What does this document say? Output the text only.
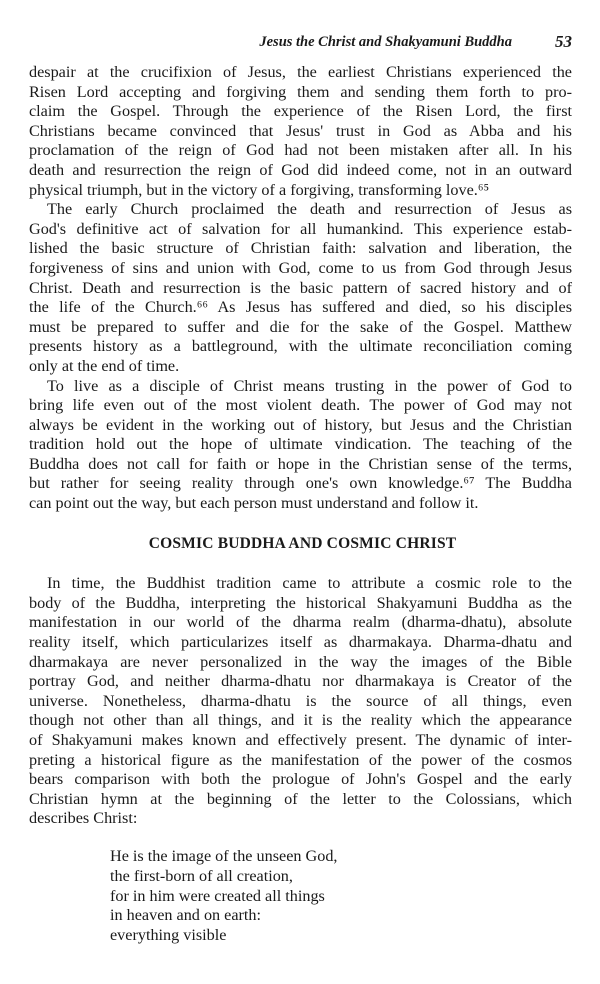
Jesus the Christ and Shakyamuni Buddha	53
despair at the crucifixion of Jesus, the earliest Christians experienced the
Risen Lord accepting and forgiving them and sending them forth to pro-
claim the Gospel. Through the experience of the Risen Lord, the first
Christians became convinced that Jesus' trust in God as Abba and his
proclamation of the reign of God had not been mistaken after all. In his
death and resurrection the reign of God did indeed come, not in an outward
physical triumph, but in the victory of a forgiving, transforming love.⁶⁵
The early Church proclaimed the death and resurrection of Jesus as
God's definitive act of salvation for all humankind. This experience estab-
lished the basic structure of Christian faith: salvation and liberation, the
forgiveness of sins and union with God, come to us from God through Jesus
Christ. Death and resurrection is the basic pattern of sacred history and of
the life of the Church.⁶⁶ As Jesus has suffered and died, so his disciples
must be prepared to suffer and die for the sake of the Gospel. Matthew
presents history as a battleground, with the ultimate reconciliation coming
only at the end of time.
To live as a disciple of Christ means trusting in the power of God to
bring life even out of the most violent death. The power of God may not
always be evident in the working out of history, but Jesus and the Christian
tradition hold out the hope of ultimate vindication. The teaching of the
Buddha does not call for faith or hope in the Christian sense of the terms,
but rather for seeing reality through one's own knowledge.⁶⁷ The Buddha
can point out the way, but each person must understand and follow it.
COSMIC BUDDHA AND COSMIC CHRIST
In time, the Buddhist tradition came to attribute a cosmic role to the
body of the Buddha, interpreting the historical Shakyamuni Buddha as the
manifestation in our world of the dharma realm (dharma-dhatu), absolute
reality itself, which particularizes itself as dharmakaya. Dharma-dhatu and
dharmakaya are never personalized in the way the images of the Bible
portray God, and neither dharma-dhatu nor dharmakaya is Creator of the
universe. Nonetheless, dharma-dhatu is the source of all things, even
though not other than all things, and it is the reality which the appearance
of Shakyamuni makes known and effectively present. The dynamic of inter-
preting a historical figure as the manifestation of the power of the cosmos
bears comparison with both the prologue of John's Gospel and the early
Christian hymn at the beginning of the letter to the Colossians, which
describes Christ:
He is the image of the unseen God,
the first-born of all creation,
for in him were created all things
in heaven and on earth:
everything visible
